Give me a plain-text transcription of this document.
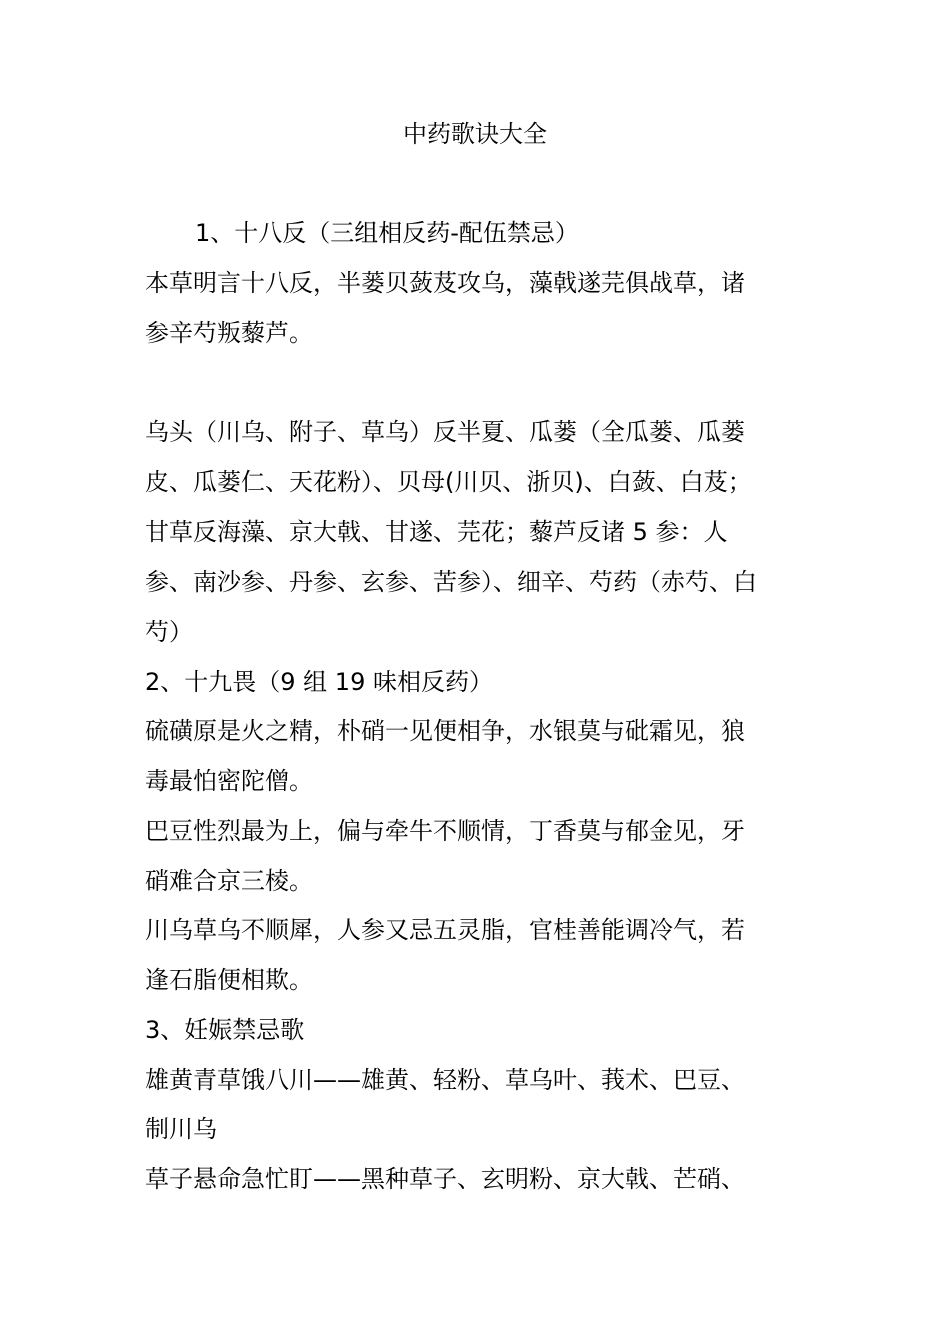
中药歌诀大全
1、十八反（三组相反药-配伍禁忌）
本草明言十八反，半蒌贝蔹芨攻乌，藻戟遂芫俱战草，诸
参辛芍叛藜芦。
乌头（川乌、附子、草乌）反半夏、瓜蒌（全瓜蒌、瓜蒌
皮、瓜蒌仁、天花粉）、贝母(川贝、浙贝)、白蔹、白芨；
甘草反海藻、京大戟、甘遂、芫花；藜芦反诸 5 参：人
参、南沙参、丹参、玄参、苦参）、细辛、芍药（赤芍、白
芍）
2、十九畏（9 组 19 味相反药）
硫磺原是火之精，朴硝一见便相争，水银莫与砒霜见，狼
毒最怕密陀僧。
巴豆性烈最为上，偏与牵牛不顺情，丁香莫与郁金见，牙
硝难合京三棱。
川乌草乌不顺犀，人参又忌五灵脂，官桂善能调冷气，若
逢石脂便相欺。
3、妊娠禁忌歌
雄黄青草饿八川——雄黄、轻粉、草乌叶、莪术、巴豆、
制川乌
草子悬命急忙盯——黑种草子、玄明粉、京大戟、芒硝、
